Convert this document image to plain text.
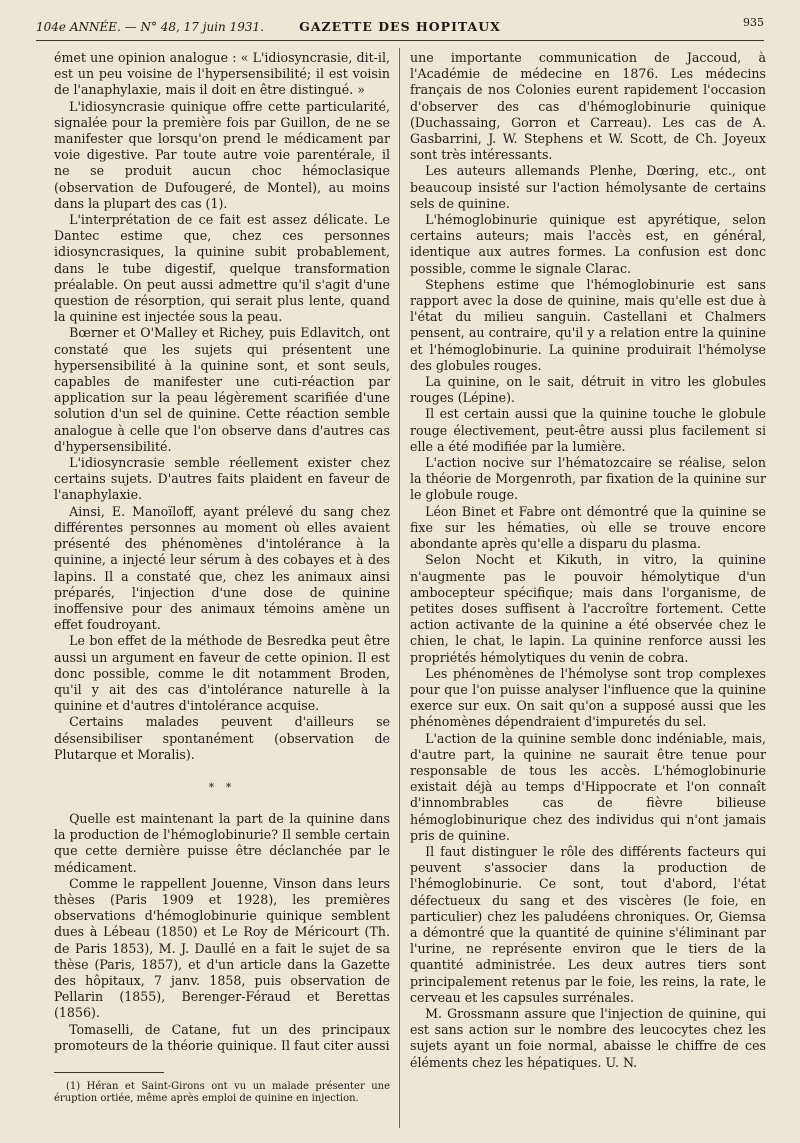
104e ANNÉE. — N° 48, 17 juin 1931.	GAZETTE DES HOPITAUX	935

émet une opinion analogue : « L'idiosyncrasie, dit-il, est un peu voisine de l'hypersensibilité; il est voisin de l'anaphylaxie, mais il doit en être distingué. »

L'idiosyncrasie quinique offre cette particularité, signalée pour la première fois par Guillon, de ne se manifester que lorsqu'on prend le médicament par voie digestive. Par toute autre voie parentérale, il ne se produit aucun choc hémoclasique (observation de Dufougeré, de Montel), au moins dans la plupart des cas (1).

L'interprétation de ce fait est assez délicate. Le Dantec estime que, chez ces personnes idiosyncrasiques, la quinine subit probablement, dans le tube digestif, quelque transformation préalable. On peut aussi admettre qu'il s'agit d'une question de résorption, qui serait plus lente, quand la quinine est injectée sous la peau.

Bœrner et O'Malley et Richey, puis Edlavitch, ont constaté que les sujets qui présentent une hypersensibilité à la quinine sont, et sont seuls, capables de manifester une cuti-réaction par application sur la peau légèrement scarifiée d'une solution d'un sel de quinine. Cette réaction semble analogue à celle que l'on observe dans d'autres cas d'hypersensibilité.

L'idiosyncrasie semble réellement exister chez certains sujets. D'autres faits plaident en faveur de l'anaphylaxie.

Ainsi, E. Manoïloff, ayant prélevé du sang chez différentes personnes au moment où elles avaient présenté des phénomènes d'intolérance à la quinine, a injecté leur sérum à des cobayes et à des lapins. Il a constaté que, chez les animaux ainsi préparés, l'injection d'une dose de quinine inoffensive pour des animaux témoins amène un effet foudroyant.

Le bon effet de la méthode de Besredka peut être aussi un argument en faveur de cette opinion. Il est donc possible, comme le dit notamment Broden, qu'il y ait des cas d'intolérance naturelle à la quinine et d'autres d'intolérance acquise.

Certains malades peuvent d'ailleurs se désensibiliser spontanément (observation de Plutarque et Moralis).

* *

Quelle est maintenant la part de la quinine dans la production de l'hémoglobinurie? Il semble certain que cette dernière puisse être déclanchée par le médicament.

Comme le rappellent Jouenne, Vinson dans leurs thèses (Paris 1909 et 1928), les premières observations d'hémoglobinurie quinique semblent dues à Lébeau (1850) et Le Roy de Méricourt (Th. de Paris 1853), M. J. Daullé en a fait le sujet de sa thèse (Paris, 1857), et d'un article dans la Gazette des hôpitaux, 7 janv. 1858, puis observation de Pellarin (1855), Berenger-Féraud et Berettas (1856).

Tomaselli, de Catane, fut un des principaux promoteurs de la théorie quinique. Il faut citer aussi

(1) Héran et Saint-Girons ont vu un malade présenter une éruption ortiée, même après emploi de quinine en injection.

une importante communication de Jaccoud, à l'Académie de médecine en 1876. Les médecins français de nos Colonies eurent rapidement l'occasion d'observer des cas d'hémoglobinurie quinique (Duchassaing, Gorron et Carreau). Les cas de A. Gasbarrini, J. W. Stephens et W. Scott, de Ch. Joyeux sont très intéressants.

Les auteurs allemands Plenhe, Dœring, etc., ont beaucoup insisté sur l'action hémolysante de certains sels de quinine.

L'hémoglobinurie quinique est apyrétique, selon certains auteurs; mais l'accès est, en général, identique aux autres formes. La confusion est donc possible, comme le signale Clarac.

Stephens estime que l'hémoglobinurie est sans rapport avec la dose de quinine, mais qu'elle est due à l'état du milieu sanguin. Castellani et Chalmers pensent, au contraire, qu'il y a relation entre la quinine et l'hémoglobinurie. La quinine produirait l'hémolyse des globules rouges.

La quinine, on le sait, détruit in vitro les globules rouges (Lépine).

Il est certain aussi que la quinine touche le globule rouge électivement, peut-être aussi plus facilement si elle a été modifiée par la lumière.

L'action nocive sur l'hématozcaire se réalise, selon la théorie de Morgenroth, par fixation de la quinine sur le globule rouge.

Léon Binet et Fabre ont démontré que la quinine se fixe sur les hématies, où elle se trouve encore abondante après qu'elle a disparu du plasma.

Selon Nocht et Kikuth, in vitro, la quinine n'augmente pas le pouvoir hémolytique d'un ambocepteur spécifique; mais dans l'organisme, de petites doses suffisent à l'accroître fortement. Cette action activante de la quinine a été observée chez le chien, le chat, le lapin. La quinine renforce aussi les propriétés hémolytiques du venin de cobra.

Les phénomènes de l'hémolyse sont trop complexes pour que l'on puisse analyser l'influence que la quinine exerce sur eux. On sait qu'on a supposé aussi que les phénomènes dépendraient d'impuretés du sel.

L'action de la quinine semble donc indéniable, mais, d'autre part, la quinine ne saurait être tenue pour responsable de tous les accès. L'hémoglobinurie existait déjà au temps d'Hippocrate et l'on connaît d'innombrables cas de fièvre bilieuse hémoglobinurique chez des individus qui n'ont jamais pris de quinine.

Il faut distinguer le rôle des différents facteurs qui peuvent s'associer dans la production de l'hémoglobinurie. Ce sont, tout d'abord, l'état défectueux du sang et des viscères (le foie, en particulier) chez les paludéens chroniques. Or, Giemsa a démontré que la quantité de quinine s'éliminant par l'urine, ne représente environ que le tiers de la quantité administrée. Les deux autres tiers sont principalement retenus par le foie, les reins, la rate, le cerveau et les capsules surrénales.

M. Grossmann assure que l'injection de quinine, qui est sans action sur le nombre des leucocytes chez les sujets ayant un foie normal, abaisse le chiffre de ces éléments chez les hépatiques. U. N.
